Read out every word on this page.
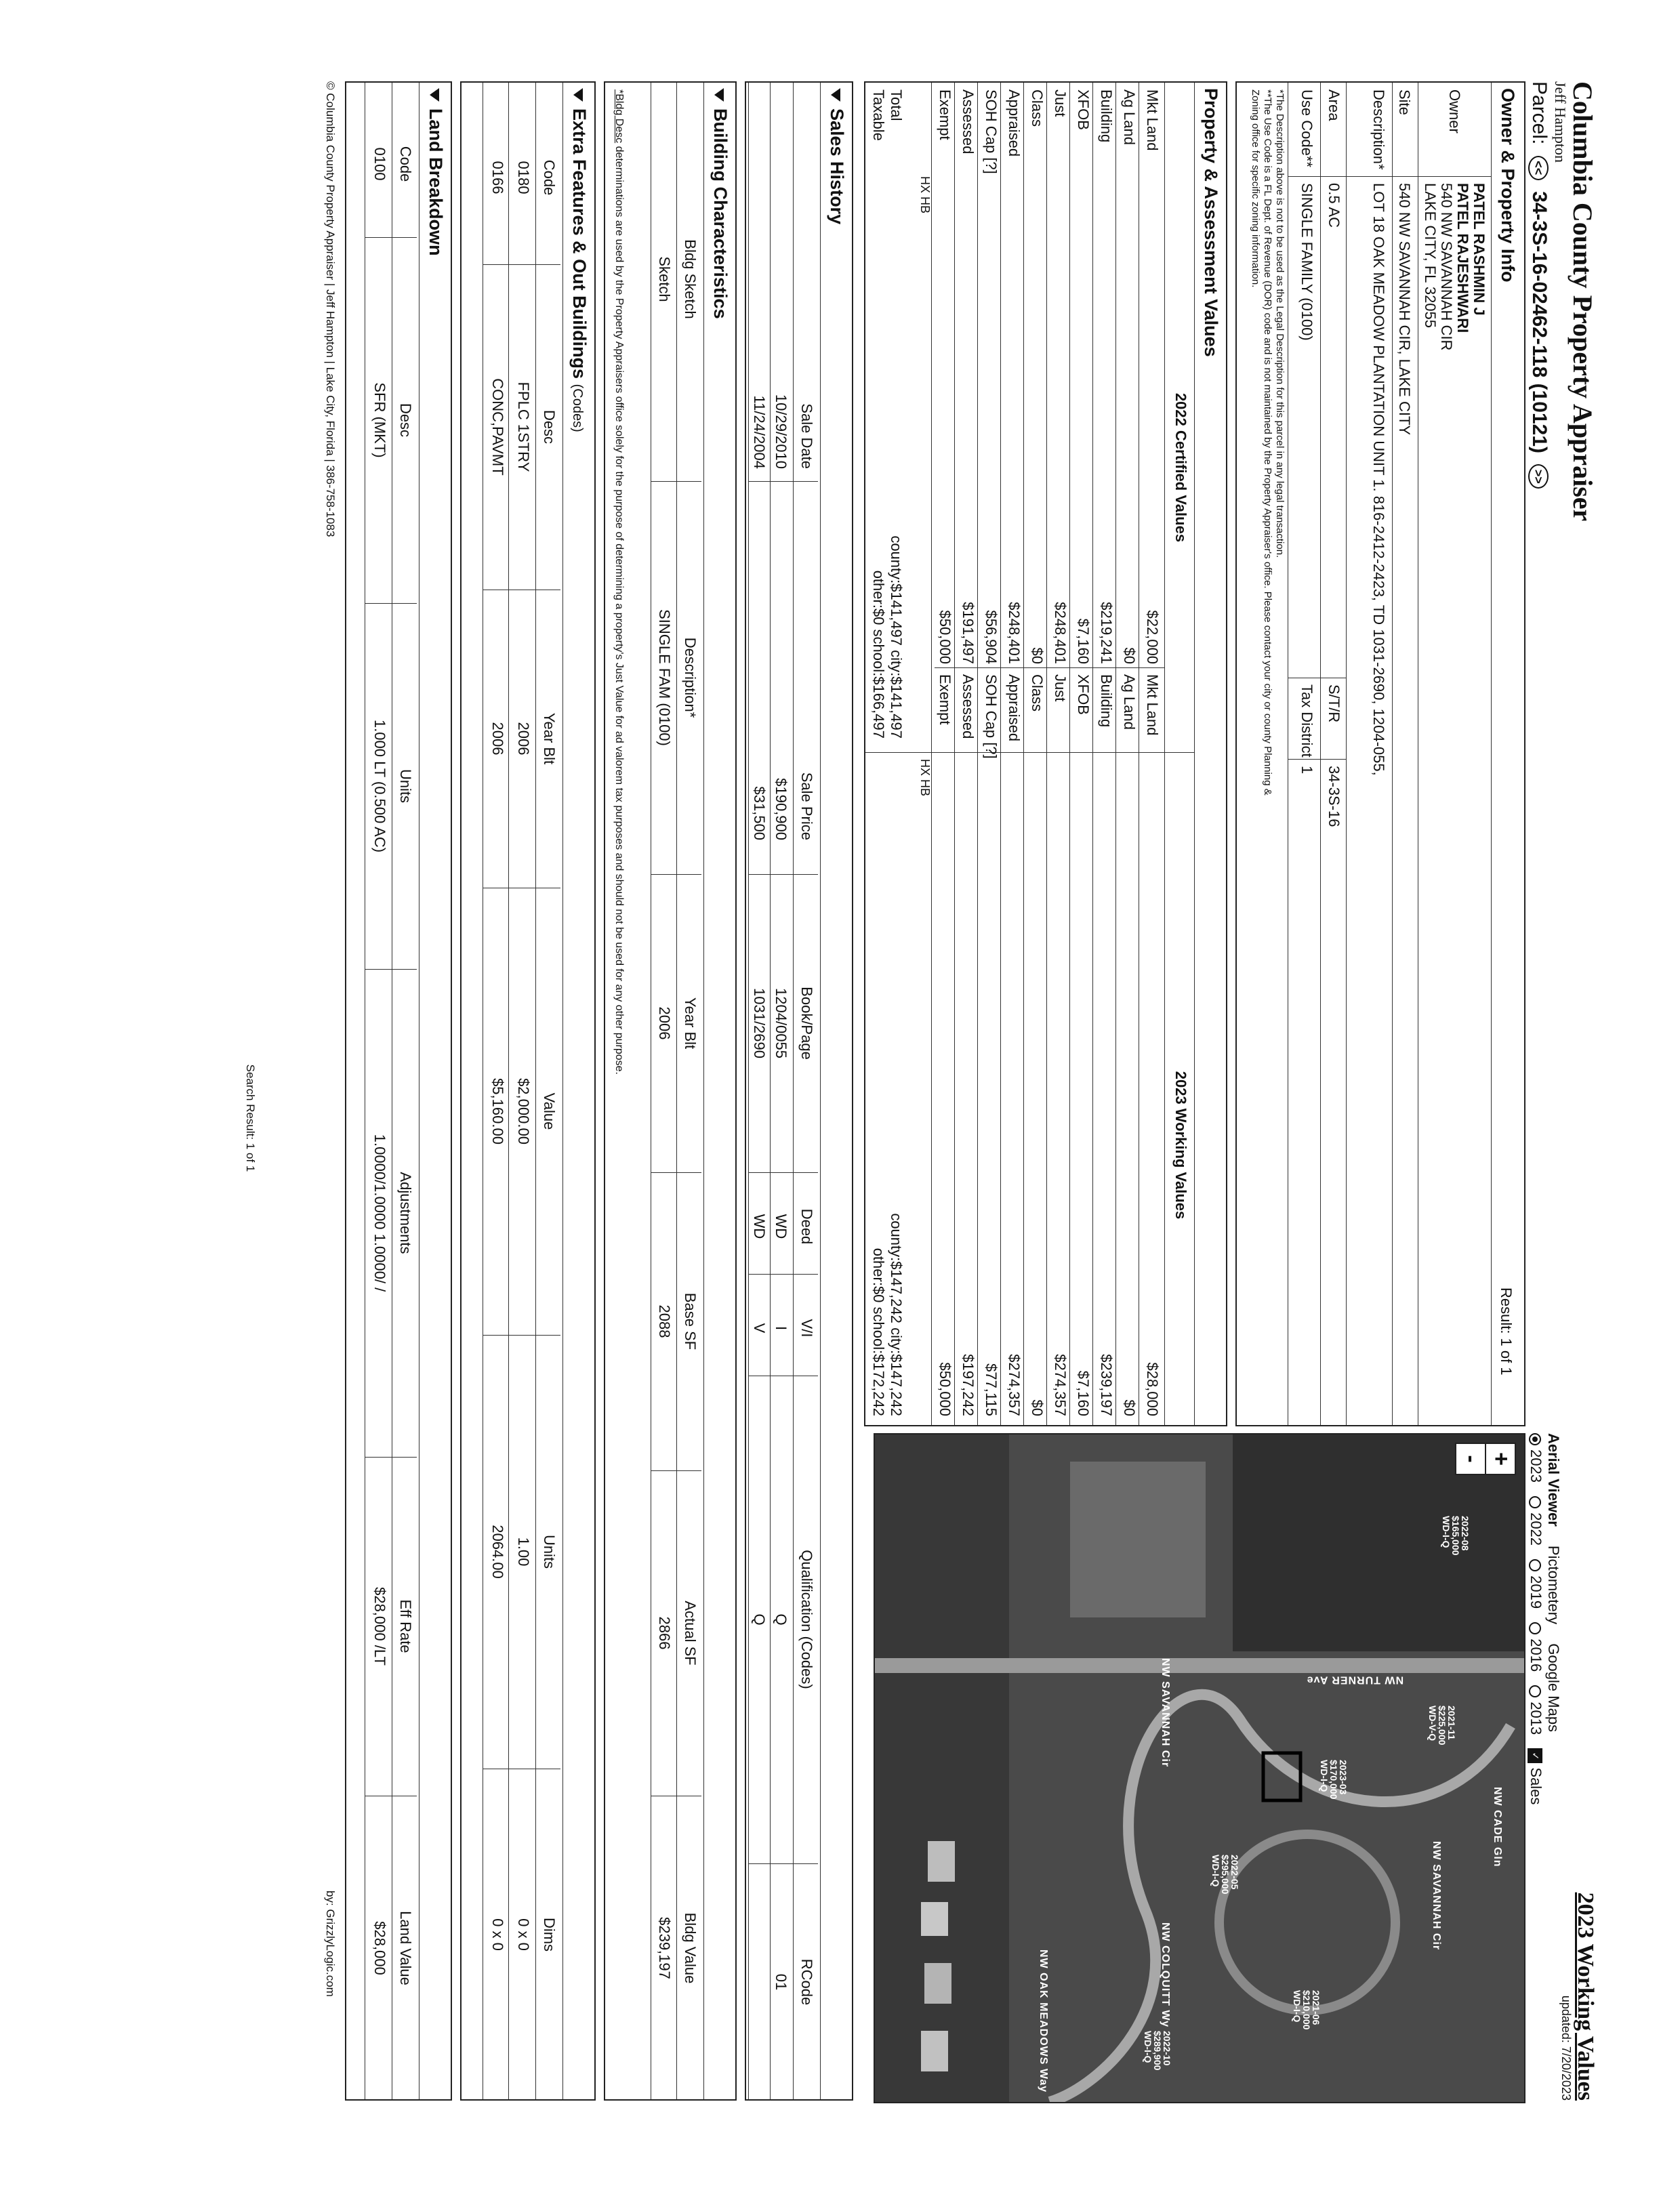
Columbia County Property Appraiser
Jeff Hampton
Parcel: << 34-3S-16-02462-118 (10121) >>
2023 Working Values
updated: 7/20/2023
Owner & Property Info
Result: 1 of 1
Owner
PATEL RASHMIN J
PATEL RAJESHWARI
540 NW SAVANNAH CIR
LAKE CITY, FL 32055
Site
540 NW SAVANNAH CIR, LAKE CITY
Description*
LOT 18 OAK MEADOW PLANTATION UNIT 1. 816-2412-2423, TD 1031-2690, 1204-055,
Area
0.5 AC
S/T/R
34-3S-16
Use Code**
SINGLE FAMILY (0100)
Tax District
1
*The Description above is not to be used as the Legal Description for this parcel in any legal transaction.
**The Use Code is a FL Dept. of Revenue (DOR) code and is not maintained by the Property Appraiser's office. Please contact your city or county Planning &
Zoning office for specific zoning information.
Property & Assessment Values
2022 Certified Values
2023 Working Values
Mkt Land
$22,000
Mkt Land
$28,000
Ag Land
$0
Ag Land
$0
Building
$219,241
Building
$239,197
XFOB
$7,160
XFOB
$7,160
Just
$248,401
Just
$274,357
Class
$0
Class
$0
Appraised
$248,401
Appraised
$274,357
SOH Cap [?]
$56,904
SOH Cap [?]
$77,115
Assessed
$191,497
Assessed
$197,242
Exempt
$50,000
Exempt
$50,000
Total
Taxable
county:$141,497 city:$141,497
other:$0 school:$166,497
county:$147,242 city:$147,242
other:$0 school:$172,242
HX HB
HX HB
Aerial Viewer Pictometery Google Maps
2023 2022 2019 2016 2013 ✓Sales
+
-
NW TURNER Ave
NW CADE Gln
NW SAVANNAH Cir
NW COLQUITT Wy
NW OAK MEADOWS Way
NW SAVANNAH Cir
2022-08
$165,000
WD-I-Q
2021-11
$225,000
WD-V-Q
2023-03
$170,000
WD-I-Q
2022-05
$295,000
WD-I-Q
2021-06
$210,000
WD-I-Q
2022-10
$289,900
WD-I-Q
Sales History
Sale Date
Sale Price
Book/Page
Deed
V/I
Qualification (Codes)
RCode
10/29/2010
$190,900
1204/0055
WD
I
Q
01
11/24/2004
$31,500
1031/2690
WD
V
Q
Building Characteristics
Bldg Sketch
Description*
Year Blt
Base SF
Actual SF
Bldg Value
Sketch
SINGLE FAM (0100)
2006
2088
2866
$239,197
*Bldg Desc determinations are used by the Property Appraisers office solely for the purpose of determining a property's Just Value for ad valorem tax purposes and should not be used for any other purpose.
Extra Features & Out Buildings (Codes)
Code
Desc
Year Blt
Value
Units
Dims
0180
FPLC 1STRY
2006
$2,000.00
1.00
0 x 0
0166
CONC,PAVMT
2006
$5,160.00
2064.00
0 x 0
Land Breakdown
Code
Desc
Units
Adjustments
Eff Rate
Land Value
0100
SFR (MKT)
1.000 LT (0.500 AC)
1.0000/1.0000 1.0000/ /
$28,000 /LT
$28,000
© Columbia County Property Appraiser | Jeff Hampton | Lake City, Florida | 386-758-1083
by: GrizzlyLogic.com
Search Result: 1 of 1
